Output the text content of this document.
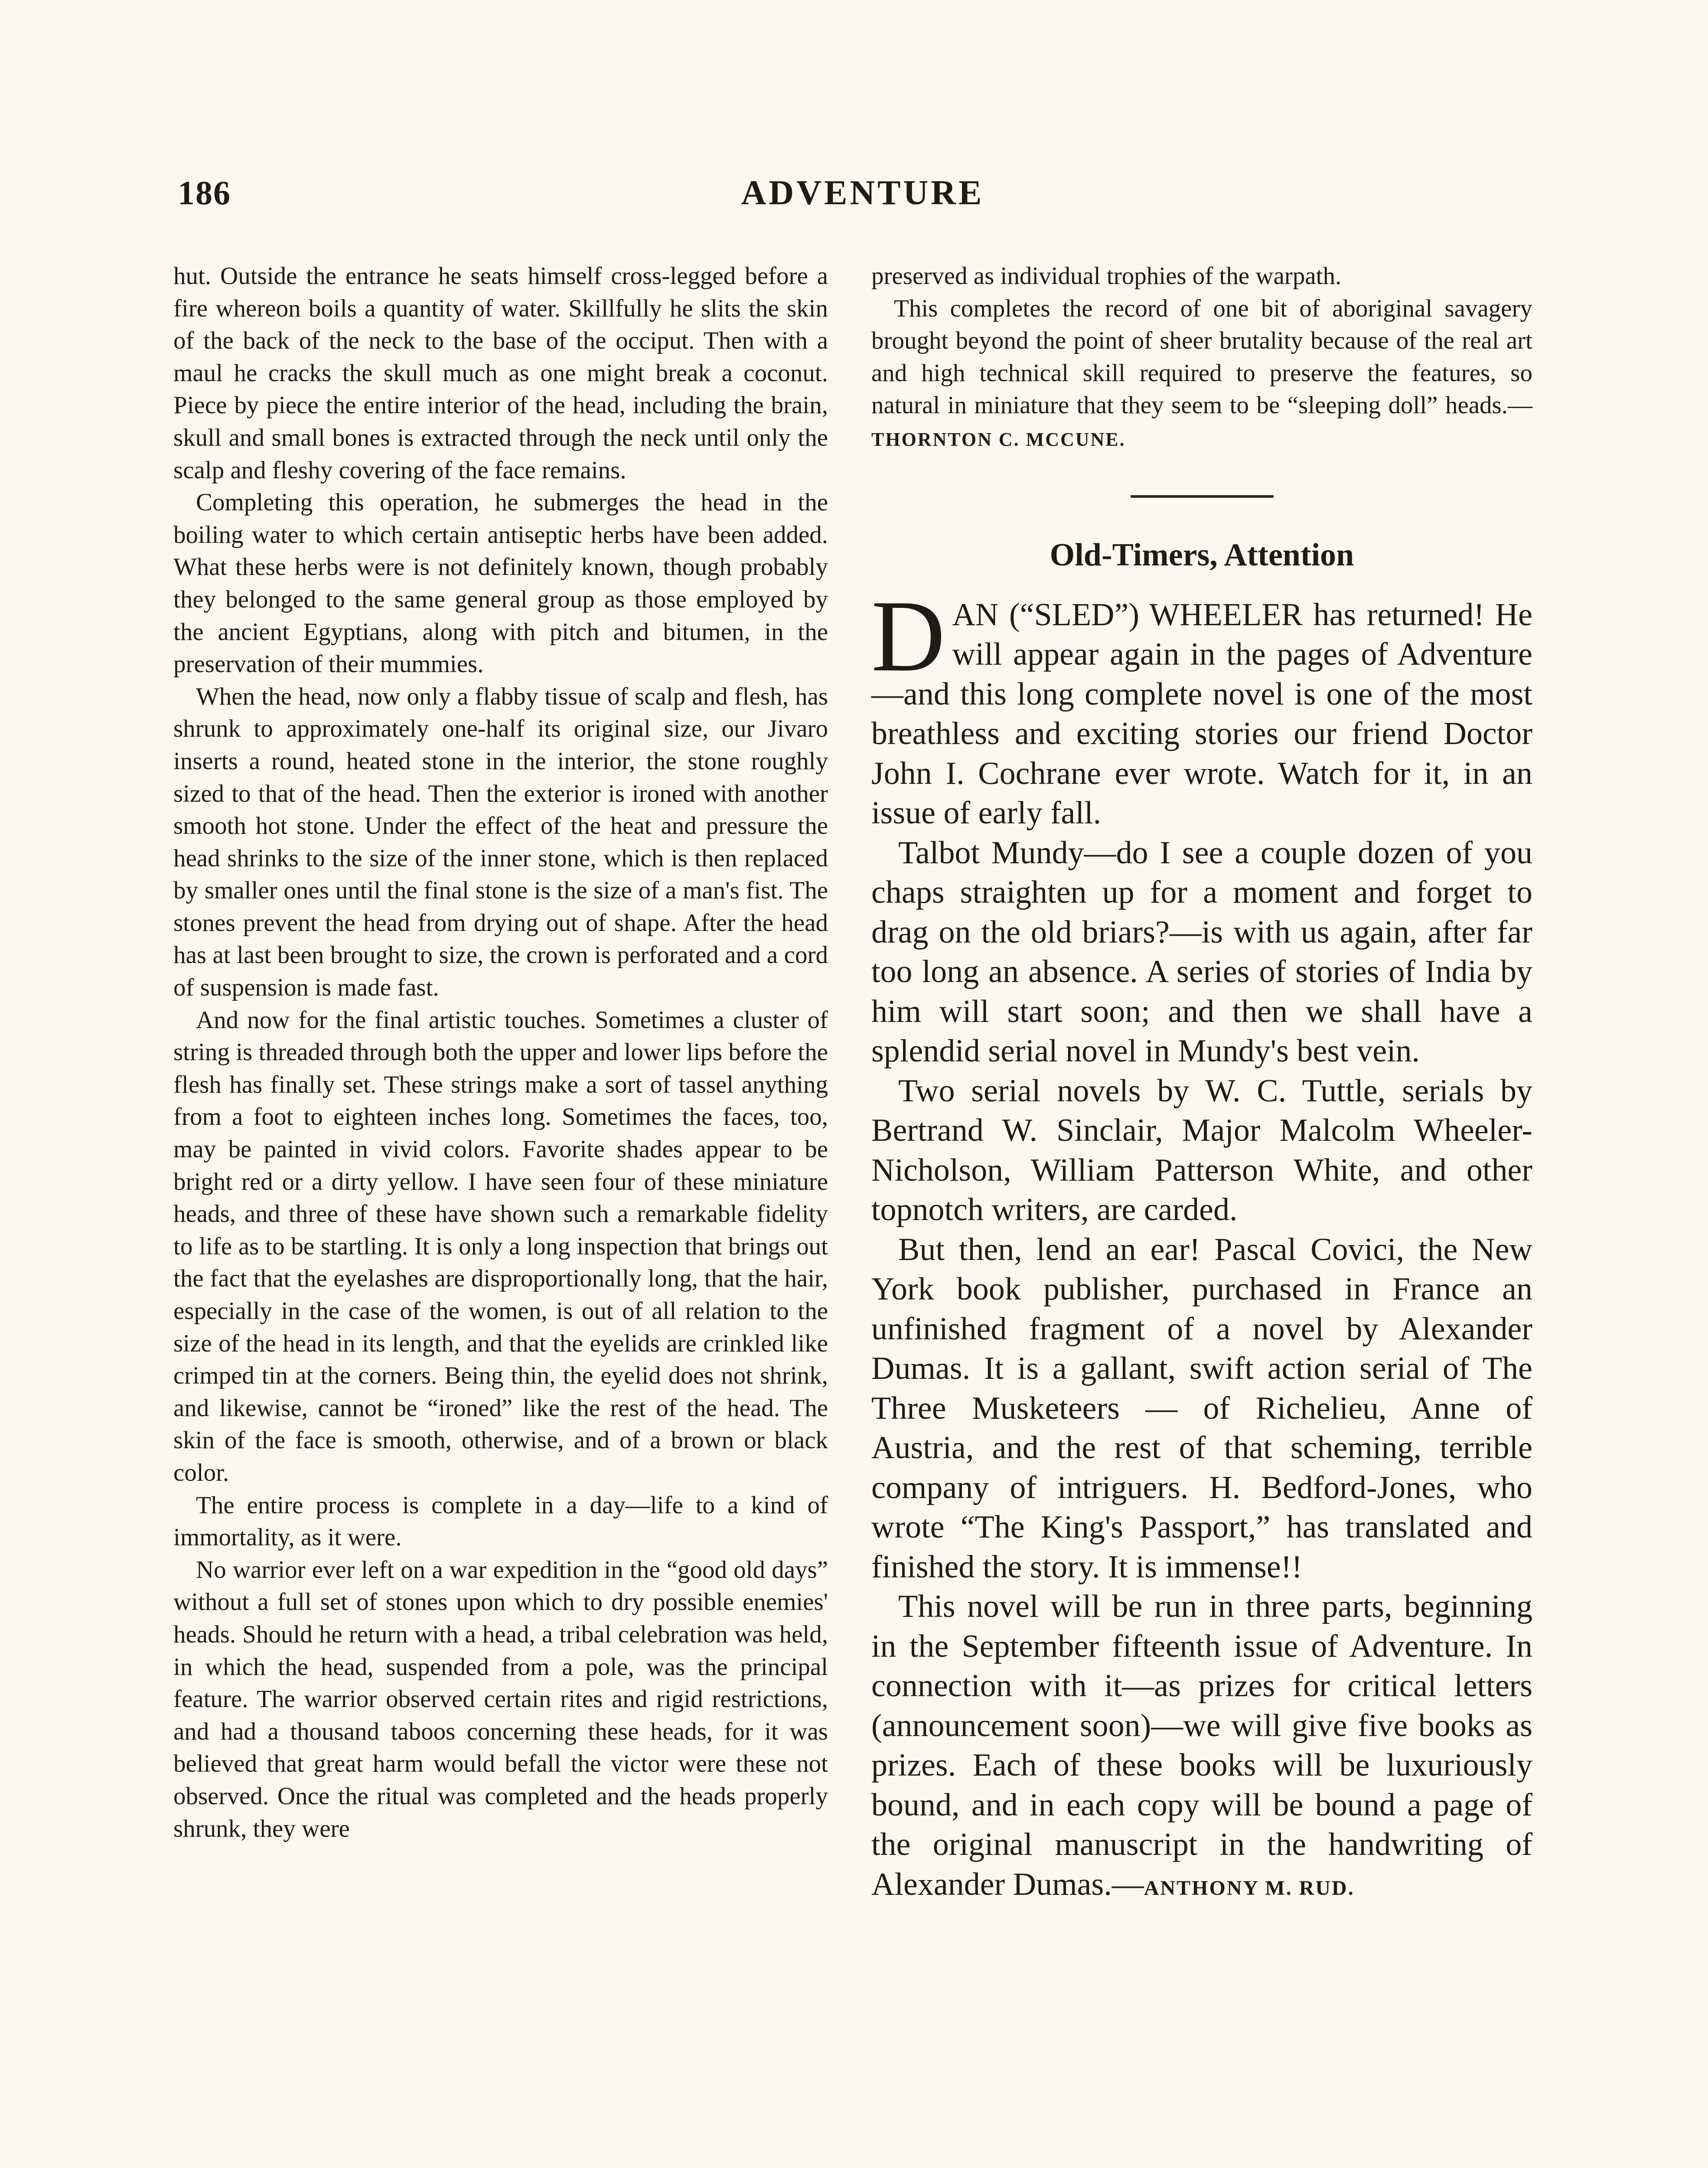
186	ADVENTURE

hut. Outside the entrance he seats himself cross-legged before a fire whereon boils a quantity of water. Skillfully he slits the skin of the back of the neck to the base of the occiput. Then with a maul he cracks the skull much as one might break a coconut. Piece by piece the entire interior of the head, including the brain, skull and small bones is extracted through the neck until only the scalp and fleshy covering of the face remains.

Completing this operation, he submerges the head in the boiling water to which certain antiseptic herbs have been added. What these herbs were is not definitely known, though probably they belonged to the same general group as those employed by the ancient Egyptians, along with pitch and bitumen, in the preservation of their mummies.

When the head, now only a flabby tissue of scalp and flesh, has shrunk to approximately one-half its original size, our Jivaro inserts a round, heated stone in the interior, the stone roughly sized to that of the head. Then the exterior is ironed with another smooth hot stone. Under the effect of the heat and pressure the head shrinks to the size of the inner stone, which is then replaced by smaller ones until the final stone is the size of a man's fist. The stones prevent the head from drying out of shape. After the head has at last been brought to size, the crown is perforated and a cord of suspension is made fast.

And now for the final artistic touches. Sometimes a cluster of string is threaded through both the upper and lower lips before the flesh has finally set. These strings make a sort of tassel anything from a foot to eighteen inches long. Sometimes the faces, too, may be painted in vivid colors. Favorite shades appear to be bright red or a dirty yellow. I have seen four of these miniature heads, and three of these have shown such a remarkable fidelity to life as to be startling. It is only a long inspection that brings out the fact that the eyelashes are disproportionally long, that the hair, especially in the case of the women, is out of all relation to the size of the head in its length, and that the eyelids are crinkled like crimped tin at the corners. Being thin, the eyelid does not shrink, and likewise, cannot be “ironed” like the rest of the head. The skin of the face is smooth, otherwise, and of a brown or black color.

The entire process is complete in a day—life to a kind of immortality, as it were.

No warrior ever left on a war expedition in the “good old days” without a full set of stones upon which to dry possible enemies' heads. Should he return with a head, a tribal celebration was held, in which the head, suspended from a pole, was the principal feature. The warrior observed certain rites and rigid restrictions, and had a thousand taboos concerning these heads, for it was believed that great harm would befall the victor were these not observed. Once the ritual was completed and the heads properly shrunk, they were

preserved as individual trophies of the warpath.

This completes the record of one bit of aboriginal savagery brought beyond the point of sheer brutality because of the real art and high technical skill required to preserve the features, so natural in miniature that they seem to be “sleeping doll” heads.—THORNTON C. MCCUNE.

Old-Timers, Attention

DAN (“SLED”) WHEELER has returned! He will appear again in the pages of Adventure—and this long complete novel is one of the most breathless and exciting stories our friend Doctor John I. Cochrane ever wrote. Watch for it, in an issue of early fall.

Talbot Mundy—do I see a couple dozen of you chaps straighten up for a moment and forget to drag on the old briars?—is with us again, after far too long an absence. A series of stories of India by him will start soon; and then we shall have a splendid serial novel in Mundy's best vein.

Two serial novels by W. C. Tuttle, serials by Bertrand W. Sinclair, Major Malcolm Wheeler-Nicholson, William Patterson White, and other topnotch writers, are carded.

But then, lend an ear! Pascal Covici, the New York book publisher, purchased in France an unfinished fragment of a novel by Alexander Dumas. It is a gallant, swift action serial of The Three Musketeers — of Richelieu, Anne of Austria, and the rest of that scheming, terrible company of intriguers. H. Bedford-Jones, who wrote “The King's Passport,” has translated and finished the story. It is immense!!

This novel will be run in three parts, beginning in the September fifteenth issue of Adventure. In connection with it—as prizes for critical letters (announcement soon)—we will give five books as prizes. Each of these books will be luxuriously bound, and in each copy will be bound a page of the original manuscript in the handwriting of Alexander Dumas.—ANTHONY M. RUD.
